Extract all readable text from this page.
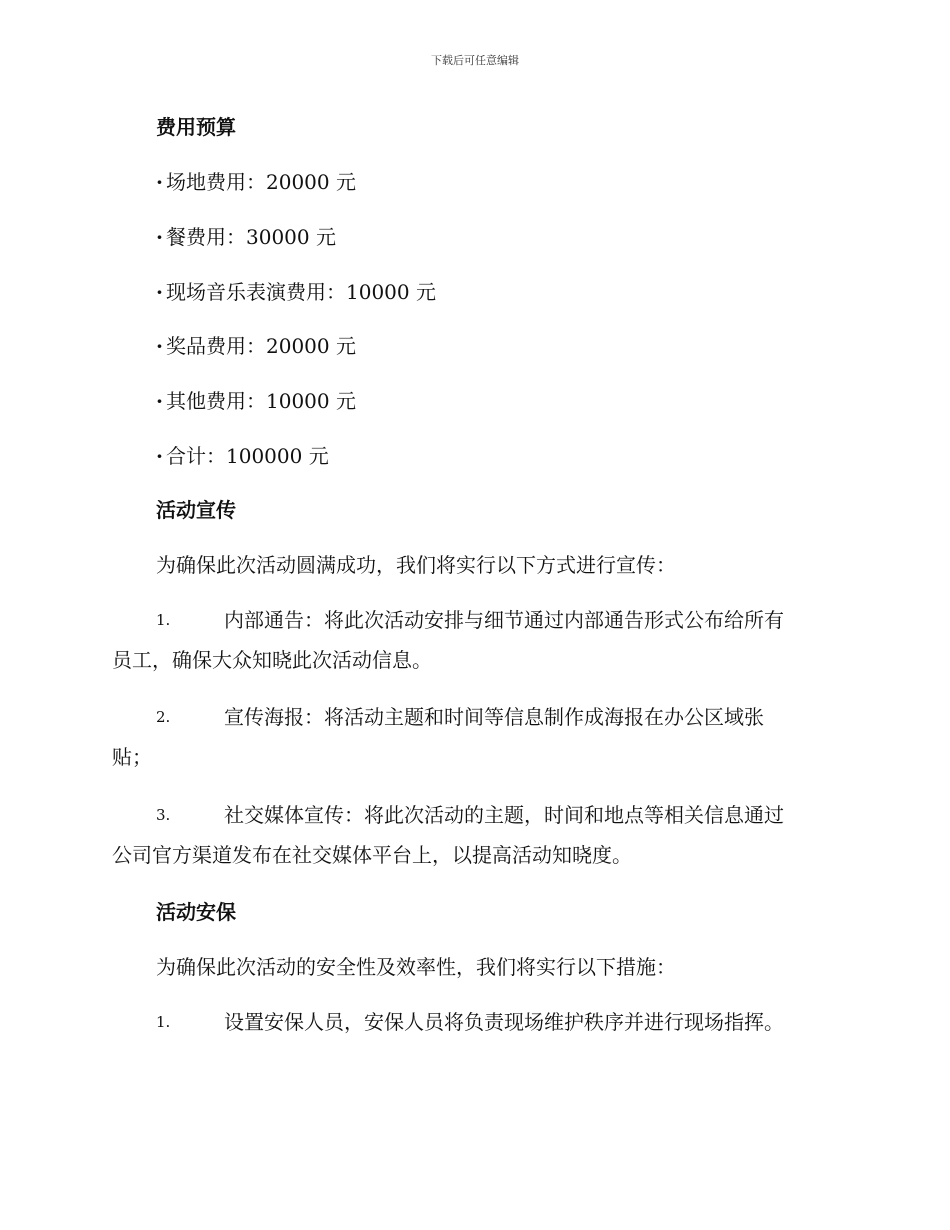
下载后可任意编辑
费用预算
· 场地费用：20000 元
· 餐费用：30000 元
· 现场音乐表演费用：10000 元
· 奖品费用：20000 元
· 其他费用：10000 元
· 合计：100000 元
活动宣传
为确保此次活动圆满成功，我们将实行以下方式进行宣传：
1.	内部通告：将此次活动安排与细节通过内部通告形式公布给所有
员工，确保大众知晓此次活动信息。
2.	宣传海报：将活动主题和时间等信息制作成海报在办公区域张
贴；
3.	社交媒体宣传：将此次活动的主题，时间和地点等相关信息通过
公司官方渠道发布在社交媒体平台上，以提高活动知晓度。
活动安保
为确保此次活动的安全性及效率性，我们将实行以下措施：
1.	设置安保人员，安保人员将负责现场维护秩序并进行现场指挥。
